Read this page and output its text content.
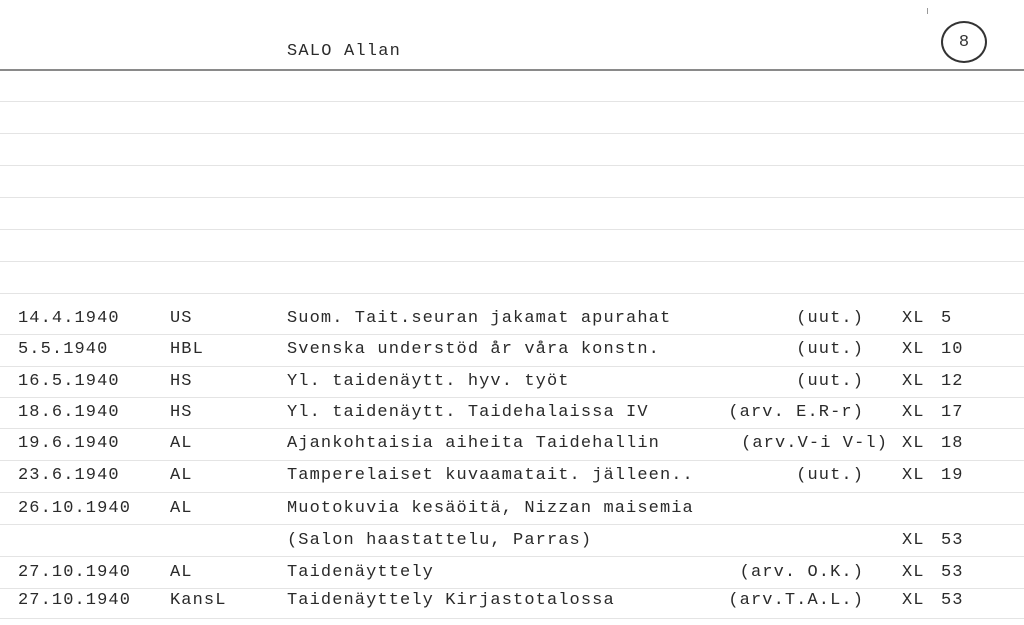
SALO Allan	8
14.4.1940	US	Suom. Tait.seuran jakamat apurahat	(uut.) XL 5
5.5.1940	HBL	Svenska understöd år våra konstn.	(uut.) XL 10
16.5.1940	HS	Yl. taidenäytt. hyv. työt	(uut.) XL 12
18.6.1940	HS	Yl. taidenäytt. Taidehalaissa IV	(arv. E.R-r) XL 17
19.6.1940	AL	Ajankohtaisia aiheita Taidehallin	(arv.V-i V-l) XL 18
23.6.1940	AL	Tamperelaiset kuvaamatait. jälleen..	(uut.) XL 19
26.10.1940 AL	Muotokuvia kesäöitä, Nizzan maisemia
(Salon haastattelu, Parras)	XL 53
27.10.1940 AL	Taidenäyttely	(arv. O.K.) XL 53
27.10.1940 KansL	Taidenäyttely Kirjastotalossa	(arv.T.A.L.) XL 53
